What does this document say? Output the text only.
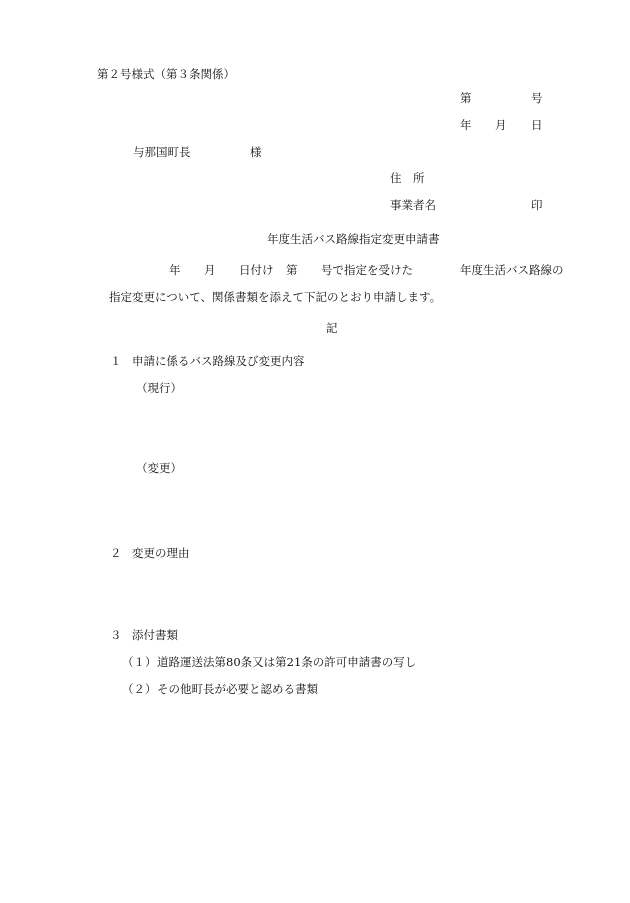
第２号様式（第３条関係）
第	号
年 月 日
与那国町長	様
住　所
事業者名	印
年度生活バス路線指定変更申請書
年 月 日付け 第 号で指定を受けた	年度生活バス路線の
指定変更について、関係書類を添えて下記のとおり申請します。
記
１ 申請に係るバス路線及び変更内容
（現行）
（変更）
２ 変更の理由
３ 添付書類
（１） 道路運送法第80条又は第21条の許可申請書の写し
（２） その他町長が必要と認める書類
